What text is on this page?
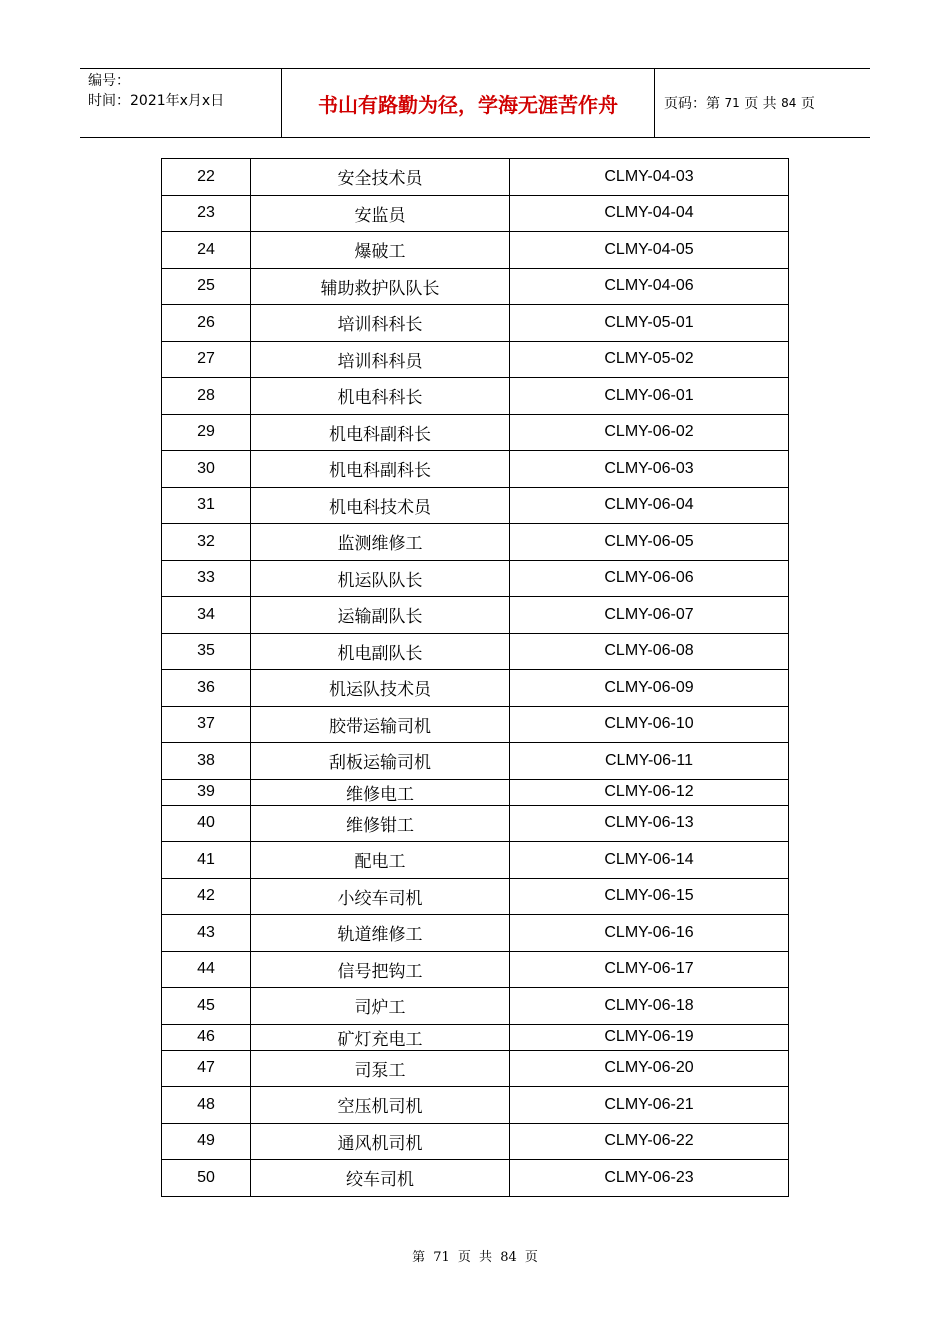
编号：
时间：2021年x月x日	书山有路勤为径，学海无涯苦作舟	页码：第
71
页 共
84
页
22	安全技术员	CLMY-04-03
23	安监员	CLMY-04-04
24	爆破工	CLMY-04-05
25	辅助救护队队长	CLMY-04-06
26	培训科科长	CLMY-05-01
27	培训科科员	CLMY-05-02
28	机电科科长	CLMY-06-01
29	机电科副科长	CLMY-06-02
30	机电科副科长	CLMY-06-03
31	机电科技术员	CLMY-06-04
32	监测维修工	CLMY-06-05
33	机运队队长	CLMY-06-06
34	运输副队长	CLMY-06-07
35	机电副队长	CLMY-06-08
36	机运队技术员	CLMY-06-09
37	胶带运输司机	CLMY-06-10
38	刮板运输司机	CLMY-06-11
39	维修电工	CLMY-06-12
40	维修钳工	CLMY-06-13
41	配电工	CLMY-06-14
42	小绞车司机	CLMY-06-15
43	轨道维修工	CLMY-06-16
44	信号把钩工	CLMY-06-17
45	司炉工	CLMY-06-18
46	矿灯充电工	CLMY-06-19
47	司泵工	CLMY-06-20
48	空压机司机	CLMY-06-21
49	通风机司机	CLMY-06-22
50	绞车司机	CLMY-06-23
第 71 页 共 84 页
